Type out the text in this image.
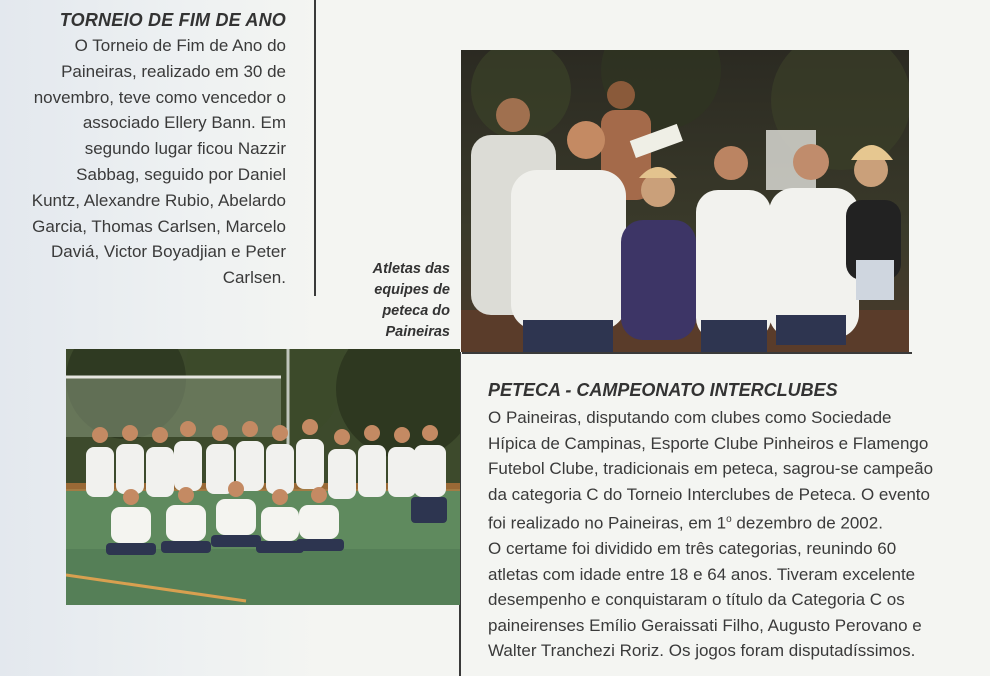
TORNEIO DE FIM DE ANO

O Torneio de Fim de Ano do
Paineiras, realizado em 30 de
novembro, teve como vencedor o
associado Ellery Bann. Em
segundo lugar ficou Nazzir
Sabbag, seguido por Daniel
Kuntz, Alexandre Rubio, Abelardo
Garcia, Thomas Carlsen, Marcelo
Daviá, Victor Boyadjian e Peter
Carlsen.	Atletas das
equipes de
peteca do
Paineiras
PETECA - CAMPEONATO INTERCLUBES

O Paineiras, disputando com clubes como Sociedade
Hípica de Campinas, Esporte Clube Pinheiros e Flamengo
Futebol Clube, tradicionais em peteca, sagrou-se campeão
da categoria C do Torneio Interclubes de Peteca. O evento
foi realizado no Paineiras, em 1$^o$ dezembro de 2002.
O certame foi dividido em três categorias, reunindo 60
atletas com idade entre 18 e 64 anos. Tiveram excelente
desempenho e conquistaram o título da Categoria C os
paineirenses Emílio Geraissati Filho, Augusto Perovano e
Walter Tranchezi Roriz. Os jogos foram disputadíssimos.
